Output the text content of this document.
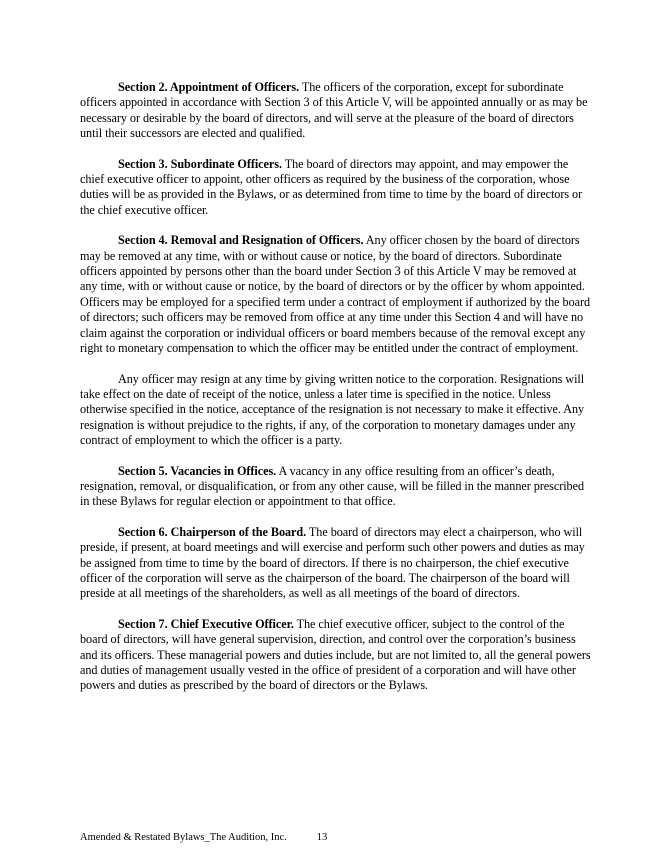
Section 2. Appointment of Officers. The officers of the corporation, except for subordinate officers appointed in accordance with Section 3 of this Article V, will be appointed annually or as may be necessary or desirable by the board of directors, and will serve at the pleasure of the board of directors until their successors are elected and qualified.

Section 3. Subordinate Officers. The board of directors may appoint, and may empower the chief executive officer to appoint, other officers as required by the business of the corporation, whose duties will be as provided in the Bylaws, or as determined from time to time by the board of directors or the chief executive officer.

Section 4. Removal and Resignation of Officers. Any officer chosen by the board of directors may be removed at any time, with or without cause or notice, by the board of directors. Subordinate officers appointed by persons other than the board under Section 3 of this Article V may be removed at any time, with or without cause or notice, by the board of directors or by the officer by whom appointed. Officers may be employed for a specified term under a contract of employment if authorized by the board of directors; such officers may be removed from office at any time under this Section 4 and will have no claim against the corporation or individual officers or board members because of the removal except any right to monetary compensation to which the officer may be entitled under the contract of employment.

Any officer may resign at any time by giving written notice to the corporation. Resignations will take effect on the date of receipt of the notice, unless a later time is specified in the notice. Unless otherwise specified in the notice, acceptance of the resignation is not necessary to make it effective. Any resignation is without prejudice to the rights, if any, of the corporation to monetary damages under any contract of employment to which the officer is a party.

Section 5. Vacancies in Offices. A vacancy in any office resulting from an officer’s death, resignation, removal, or disqualification, or from any other cause, will be filled in the manner prescribed in these Bylaws for regular election or appointment to that office.

Section 6. Chairperson of the Board. The board of directors may elect a chairperson, who will preside, if present, at board meetings and will exercise and perform such other powers and duties as may be assigned from time to time by the board of directors. If there is no chairperson, the chief executive officer of the corporation will serve as the chairperson of the board. The chairperson of the board will preside at all meetings of the shareholders, as well as all meetings of the board of directors.

Section 7. Chief Executive Officer. The chief executive officer, subject to the control of the board of directors, will have general supervision, direction, and control over the corporation’s business and its officers. These managerial powers and duties include, but are not limited to, all the general powers and duties of management usually vested in the office of president of a corporation and will have other powers and duties as prescribed by the board of directors or the Bylaws.

Amended & Restated Bylaws_The Audition, Inc.	13
